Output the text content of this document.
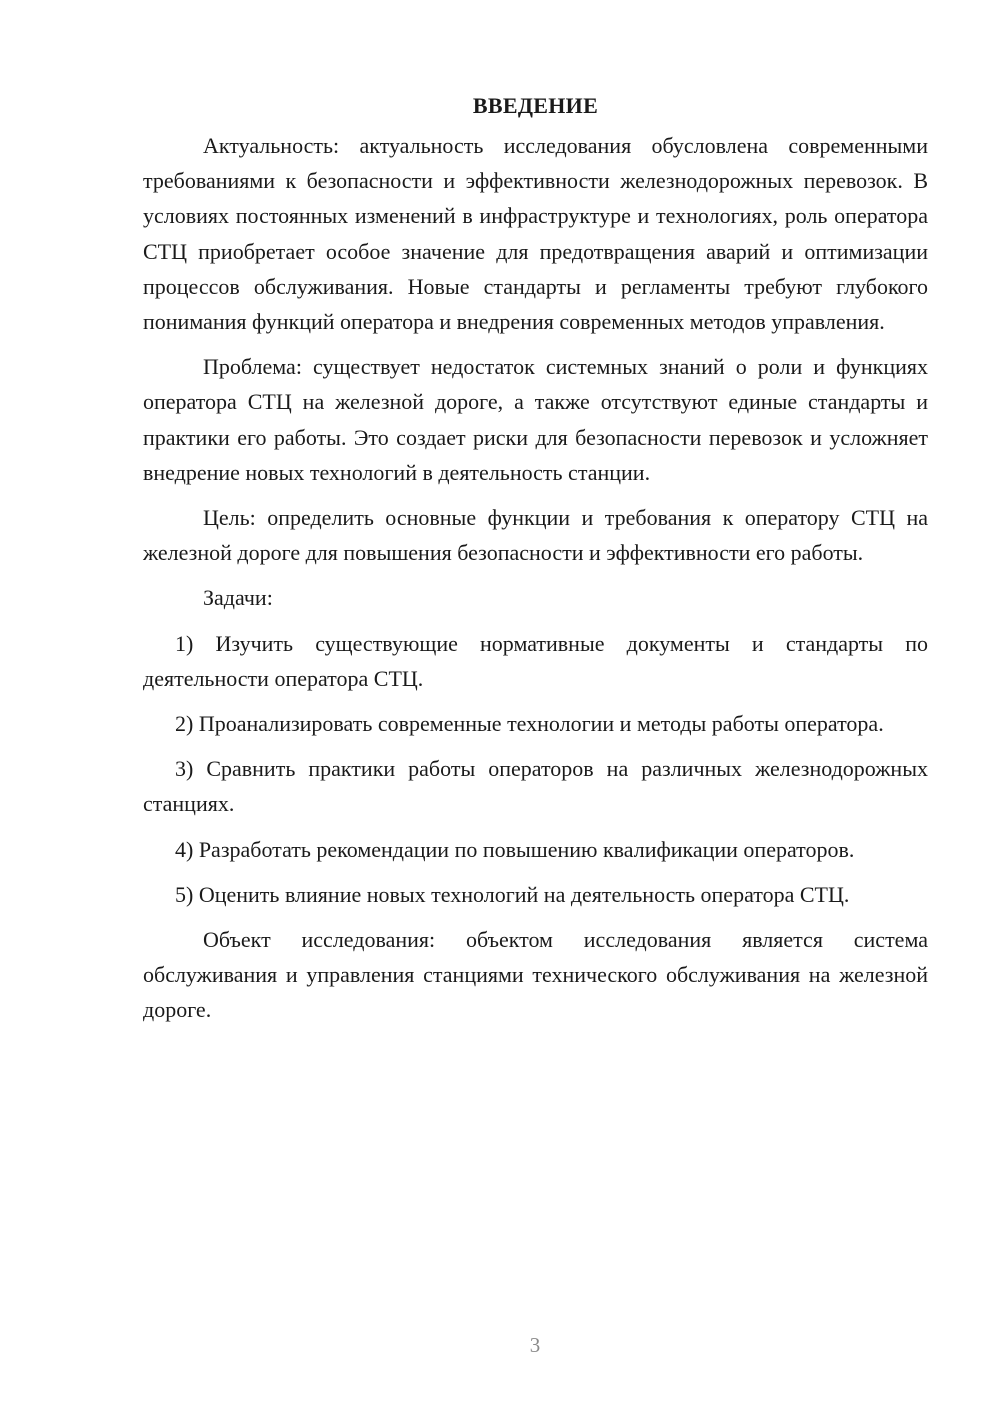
ВВЕДЕНИЕ

Актуальность: актуальность исследования обусловлена современными требованиями к безопасности и эффективности железнодорожных перевозок. В условиях постоянных изменений в инфраструктуре и технологиях, роль оператора СТЦ приобретает особое значение для предотвращения аварий и оптимизации процессов обслуживания. Новые стандарты и регламенты требуют глубокого понимания функций оператора и внедрения современных методов управления.

Проблема: существует недостаток системных знаний о роли и функциях оператора СТЦ на железной дороге, а также отсутствуют единые стандарты и практики его работы. Это создает риски для безопасности перевозок и усложняет внедрение новых технологий в деятельность станции.

Цель: определить основные функции и требования к оператору СТЦ на железной дороге для повышения безопасности и эффективности его работы.

Задачи:

1) Изучить существующие нормативные документы и стандарты по деятельности оператора СТЦ.

2) Проанализировать современные технологии и методы работы оператора.

3) Сравнить практики работы операторов на различных железнодорожных станциях.

4) Разработать рекомендации по повышению квалификации операторов.

5) Оценить влияние новых технологий на деятельность оператора СТЦ.

Объект исследования: объектом исследования является система обслуживания и управления станциями технического обслуживания на железной дороге.

3
